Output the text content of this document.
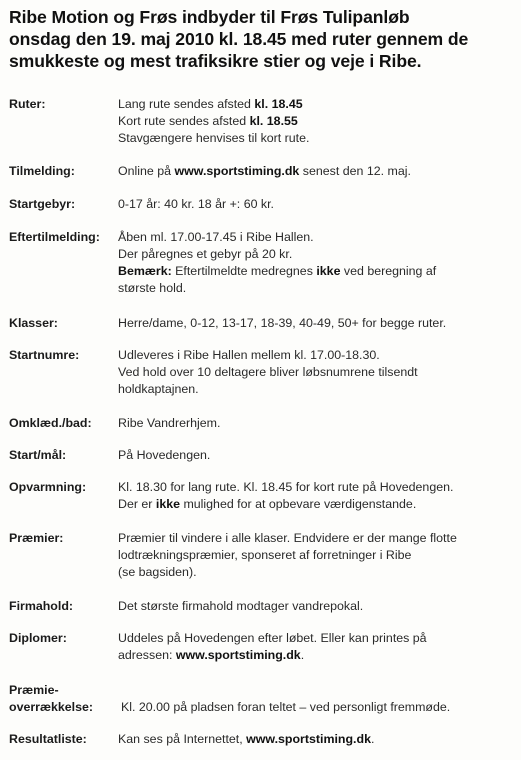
Ribe Motion og Frøs indbyder til Frøs Tulipanløb
onsdag den 19. maj 2010 kl. 18.45 med ruter gennem de
smukkeste og mest trafiksikre stier og veje i Ribe.
Ruter:	Lang rute sendes afsted kl. 18.45
Kort rute sendes afsted kl. 18.55
Stavgængere henvises til kort rute.
Tilmelding:	Online på www.sportstiming.dk senest den 12. maj.
Startgebyr:	0-17 år: 40 kr. 18 år +: 60 kr.
Eftertilmelding: Åben ml. 17.00-17.45 i Ribe Hallen.
Der påregnes et gebyr på 20 kr.
Bemærk: Eftertilmeldte medregnes ikke ved beregning af
største hold.
Klasser:	Herre/dame, 0-12, 13-17, 18-39, 40-49, 50+ for begge ruter.
Startnumre:	Udleveres i Ribe Hallen mellem kl. 17.00-18.30.
Ved hold over 10 deltagere bliver løbsnumrene tilsendt
holdkaptajnen.
Omklæd./bad: Ribe Vandrerhjem.
Start/mål:	På Hovedengen.
Opvarmning:	Kl. 18.30 for lang rute. Kl. 18.45 for kort rute på Hovedengen.
Der er ikke mulighed for at opbevare værdigenstande.
Præmier:	Præmier til vindere i alle klaser. Endvidere er der mange flotte
lodtrækningspræmier, sponseret af forretninger i Ribe
(se bagsiden).
Firmahold:	Det største firmahold modtager vandrepokal.
Diplomer:	Uddeles på Hovedengen efter løbet. Eller kan printes på
adressen: www.sportstiming.dk.
Præmie-
overrækkelse: Kl. 20.00 på pladsen foran teltet – ved personligt fremmøde.
Resultatliste:	Kan ses på Internettet, www.sportstiming.dk.
